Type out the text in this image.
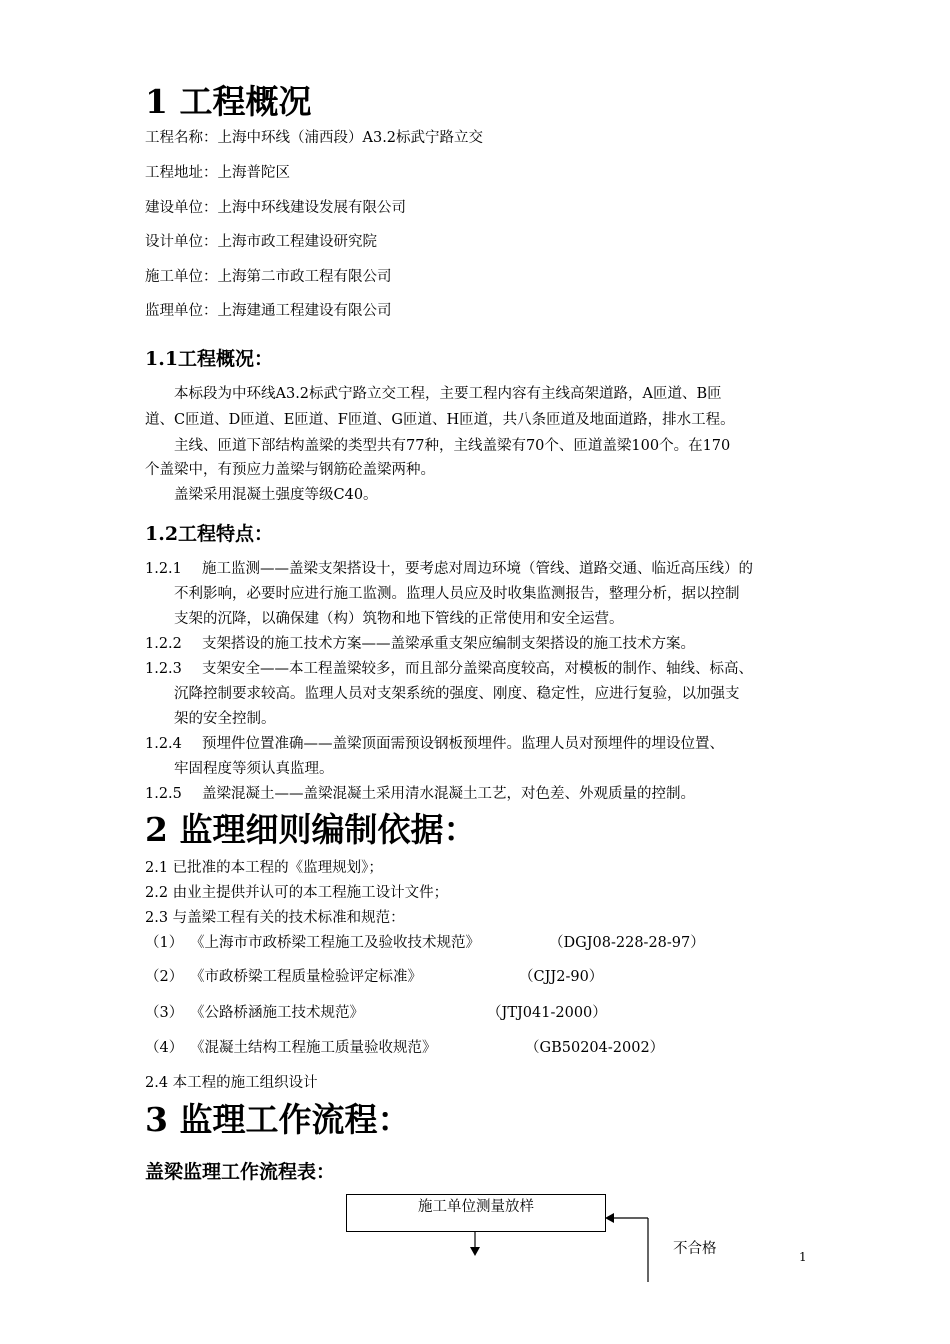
1 工程概况
工程名称：上海中环线（浦西段）A3.2标武宁路立交
工程地址：上海普陀区
建设单位：上海中环线建设发展有限公司
设计单位：上海市政工程建设研究院
施工单位：上海第二市政工程有限公司
监理单位：上海建通工程建设有限公司
1.1工程概况：
本标段为中环线A3.2标武宁路立交工程，主要工程内容有主线高架道路，A匝道、B匝
道、C匝道、D匝道、E匝道、F匝道、G匝道、H匝道，共八条匝道及地面道路，排水工程。
主线、匝道下部结构盖梁的类型共有77种，主线盖梁有70个、匝道盖梁100个。在170
个盖梁中，有预应力盖梁与钢筋砼盖梁两种。
盖梁采用混凝土强度等级C40。
1.2工程特点：
1.2.1 施工监测——盖梁支架搭设十，要考虑对周边环境（管线、道路交通、临近高压线）的
不利影响，必要时应进行施工监测。监理人员应及时收集监测报告，整理分析，据以控制
支架的沉降，以确保建（构）筑物和地下管线的正常使用和安全运营。
1.2.2 支架搭设的施工技术方案——盖梁承重支架应编制支架搭设的施工技术方案。
1.2.3 支架安全——本工程盖梁较多，而且部分盖梁高度较高，对模板的制作、轴线、标高、
沉降控制要求较高。监理人员对支架系统的强度、刚度、稳定性，应进行复验，以加强支
架的安全控制。
1.2.4 预埋件位置准确——盖梁顶面需预设钢板预埋件。监理人员对预埋件的埋设位置、
牢固程度等须认真监理。
1.2.5 盖梁混凝土——盖梁混凝土采用清水混凝土工艺，对色差、外观质量的控制。
2 监理细则编制依据：
2.1 已批准的本工程的《监理规划》；
2.2 由业主提供并认可的本工程施工设计文件；
2.3 与盖梁工程有关的技术标准和规范：
（1） 《上海市市政桥梁工程施工及验收技术规范》	（DGJ08-228-28-97）
（2） 《市政桥梁工程质量检验评定标准》	（CJJ2-90）
（3） 《公路桥涵施工技术规范》	（JTJ041-2000）
（4） 《混凝土结构工程施工质量验收规范》	（GB50204-2002）
2.4 本工程的施工组织设计
3 监理工作流程：
盖梁监理工作流程表：
施工单位测量放样
不合格	1
